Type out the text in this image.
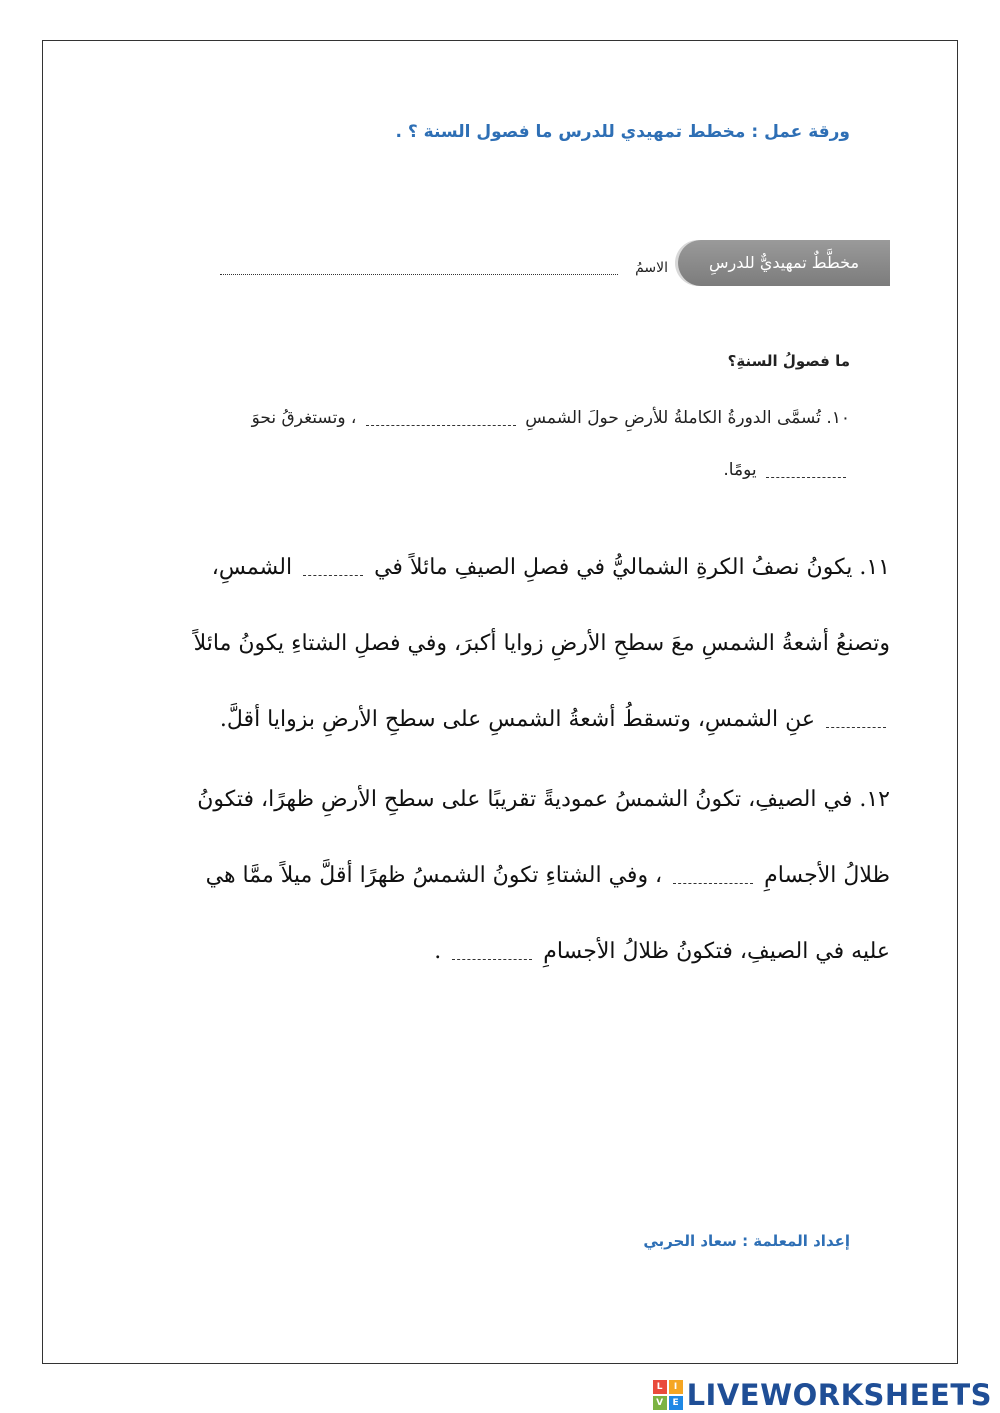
ورقة عمل : مخطط تمهيدي للدرس ما فصول السنة ؟ .
مخطَّطٌ تمهيديٌّ للدرسِ
الاسمُ
ما فصولُ السنةِ؟
١٠. تُسمَّى الدورةُ الكاملةُ للأرضِ حولَ الشمسِ  ، وتستغرقُ نحوَ  يومًا.
١١. يكونُ نصفُ الكرةِ الشماليُّ في فصلِ الصيفِ مائلاً في  الشمسِ، وتصنعُ أشعةُ الشمسِ معَ سطحِ الأرضِ زوايا أكبرَ، وفي فصلِ الشتاءِ يكونُ مائلاً  عنِ الشمسِ، وتسقطُ أشعةُ الشمسِ على سطحِ الأرضِ بزوايا أقلَّ.
١٢. في الصيفِ، تكونُ الشمسُ عموديةً تقريبًا على سطحِ الأرضِ ظهرًا، فتكونُ ظلالُ الأجسامِ  ، وفي الشتاءِ تكونُ الشمسُ ظهرًا أقلَّ ميلاً ممَّا هي عليه في الصيفِ، فتكونُ ظلالُ الأجسامِ  .
إعداد المعلمة : سعاد الحربي
L	I
V	E LIVEWORKSHEETS
